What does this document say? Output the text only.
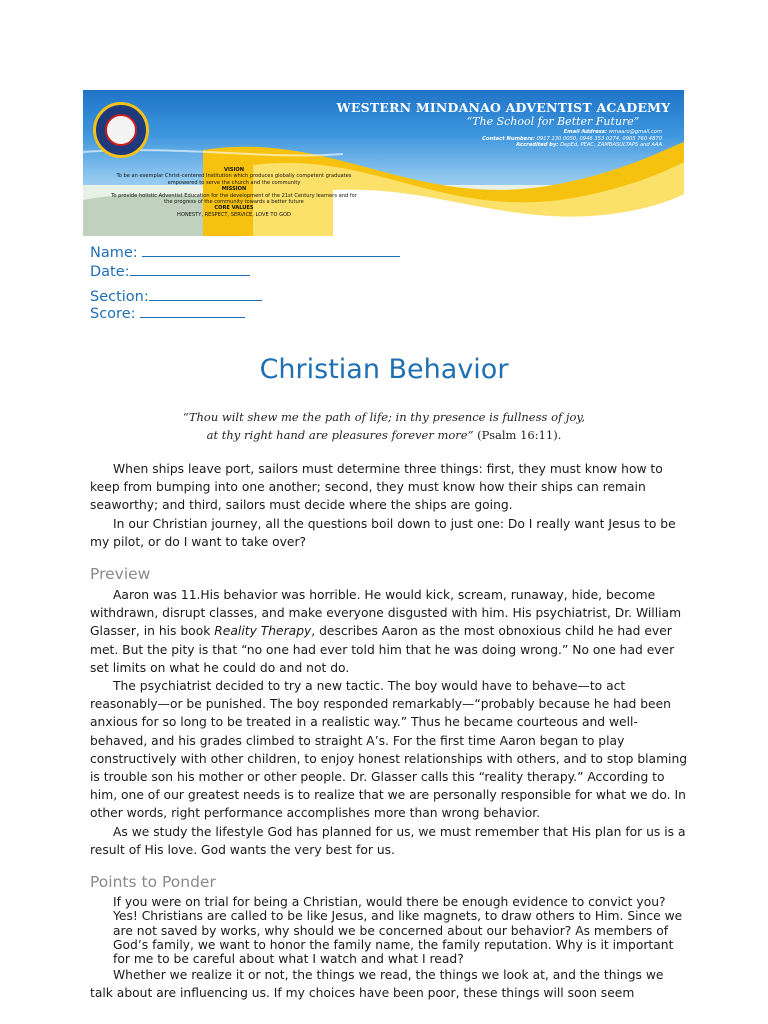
WESTERN MINDANAO ADVENTIST ACADEMY
“The School for Better Future”
Email Address: wmaaro@gmail.com
Contact Numbers: 0917 130 0050, 0946 353 0274, 0905 760 4870
Accredited by: DepEd, PEAC, ZAMBASULTAPS and AAA
VISION
To be an exemplar Christ-centered Institution which produces globally competent graduates empowered to serve the church and the community
MISSION
To provide holistic Adventist Education for the development of the 21st Century learners and for the progress of the community towards a better future
CORE VALUES
HONESTY, RESPECT, SERVICE, LOVE TO GOD
Name:
Date:
Section:
Score:
Christian Behavior
“Thou wilt shew me the path of life; in thy presence is fullness of joy,
at thy right hand are pleasures forever more” (Psalm 16:11).
When ships leave port, sailors must determine three things: first, they must know how to keep from bumping into one another; second, they must know how their ships can remain seaworthy; and third, sailors must decide where the ships are going.
In our Christian journey, all the questions boil down to just one: Do I really want Jesus to be my pilot, or do I want to take over?
Preview
Aaron was 11.His behavior was horrible. He would kick, scream, runaway, hide, become withdrawn, disrupt classes, and make everyone disgusted with him. His psychiatrist, Dr. William Glasser, in his book Reality Therapy, describes Aaron as the most obnoxious child he had ever met. But the pity is that “no one had ever told him that he was doing wrong.” No one had ever set limits on what he could do and not do.
The psychiatrist decided to try a new tactic. The boy would have to behave—to act reasonably—or be punished. The boy responded remarkably—“probably because he had been anxious for so long to be treated in a realistic way.” Thus he became courteous and well-behaved, and his grades climbed to straight A’s. For the first time Aaron began to play constructively with other children, to enjoy honest relationships with others, and to stop blaming is trouble son his mother or other people. Dr. Glasser calls this “reality therapy.” According to him, one of our greatest needs is to realize that we are personally responsible for what we do. In other words, right performance accomplishes more than wrong behavior.
As we study the lifestyle God has planned for us, we must remember that His plan for us is a result of His love. God wants the very best for us.
Points to Ponder
If you were on trial for being a Christian, would there be enough evidence to convict you? Yes! Christians are called to be like Jesus, and like magnets, to draw others to Him. Since we are not saved by works, why should we be concerned about our behavior? As members of God’s family, we want to honor the family name, the family reputation. Why is it important for me to be careful about what I watch and what I read?
Whether we realize it or not, the things we read, the things we look at, and the things we talk about are influencing us. If my choices have been poor, these things will soon seem
